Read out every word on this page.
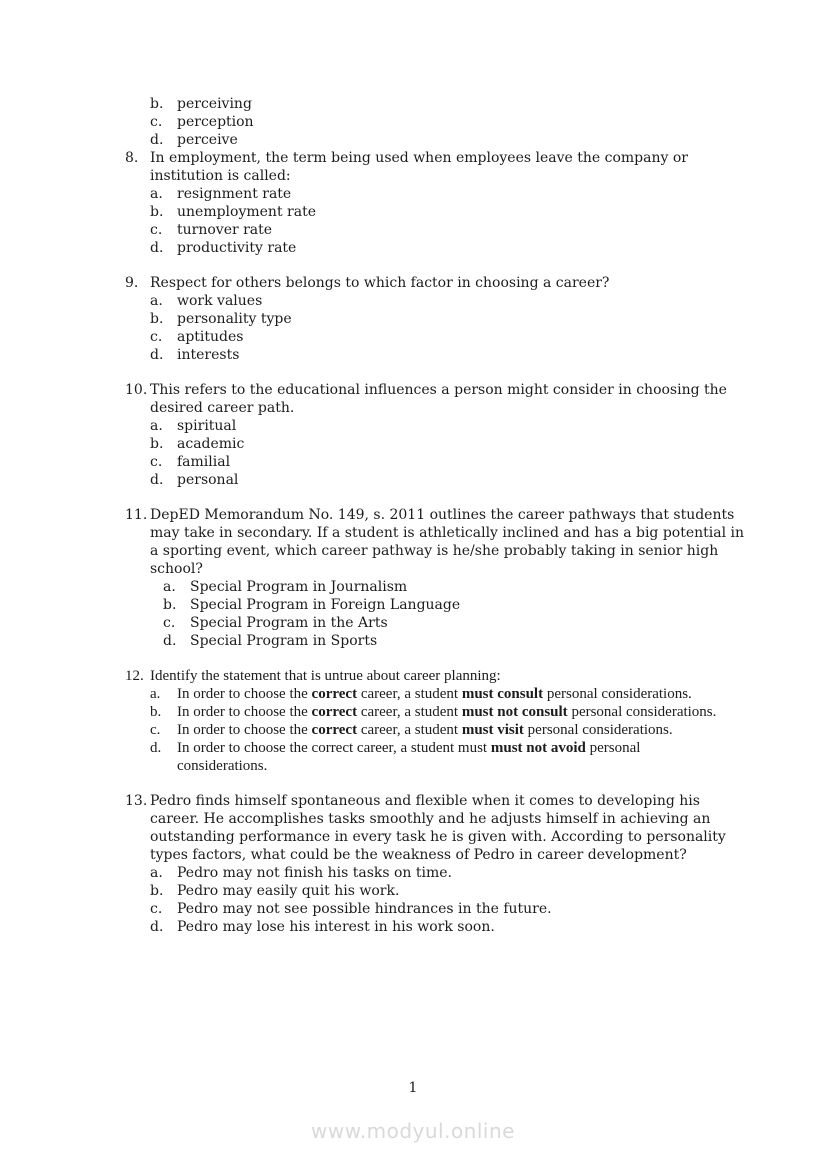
b. perceiving
c.	perception
d. perceive
8. In employment, the term being used when employees leave the company or institution is called:
a.	resignment rate
b. unemployment rate
c.	turnover rate
d. productivity rate
9. Respect for others belongs to which factor in choosing a career?
a.	work values
b. personality type
c.	aptitudes
d. interests
10. This refers to the educational influences a person might consider in choosing the desired career path.
a.	spiritual
b. academic
c.	familial
d. personal
11. DepED Memorandum No. 149, s. 2011 outlines the career pathways that students may take in secondary. If a student is athletically inclined and has a big potential in a sporting event, which career pathway is he/she probably taking in senior high school?
a.	Special Program in Journalism
b. Special Program in Foreign Language
c.	Special Program in the Arts
d. Special Program in Sports
12. Identify the statement that is untrue about career planning:
a.	In order to choose the correct career, a student must consult personal considerations.
b.	In order to choose the correct career, a student must not consult personal considerations.
c.	In order to choose the correct career, a student must visit personal considerations.
d.	In order to choose the correct career, a student must must not avoid personal considerations.
13. Pedro finds himself spontaneous and flexible when it comes to developing his career. He accomplishes tasks smoothly and he adjusts himself in achieving an outstanding performance in every task he is given with. According to personality types factors, what could be the weakness of Pedro in career development?
a.	Pedro may not finish his tasks on time.
b. Pedro may easily quit his work.
c.	Pedro may not see possible hindrances in the future.
d. Pedro may lose his interest in his work soon.
1
www.modyul.online
